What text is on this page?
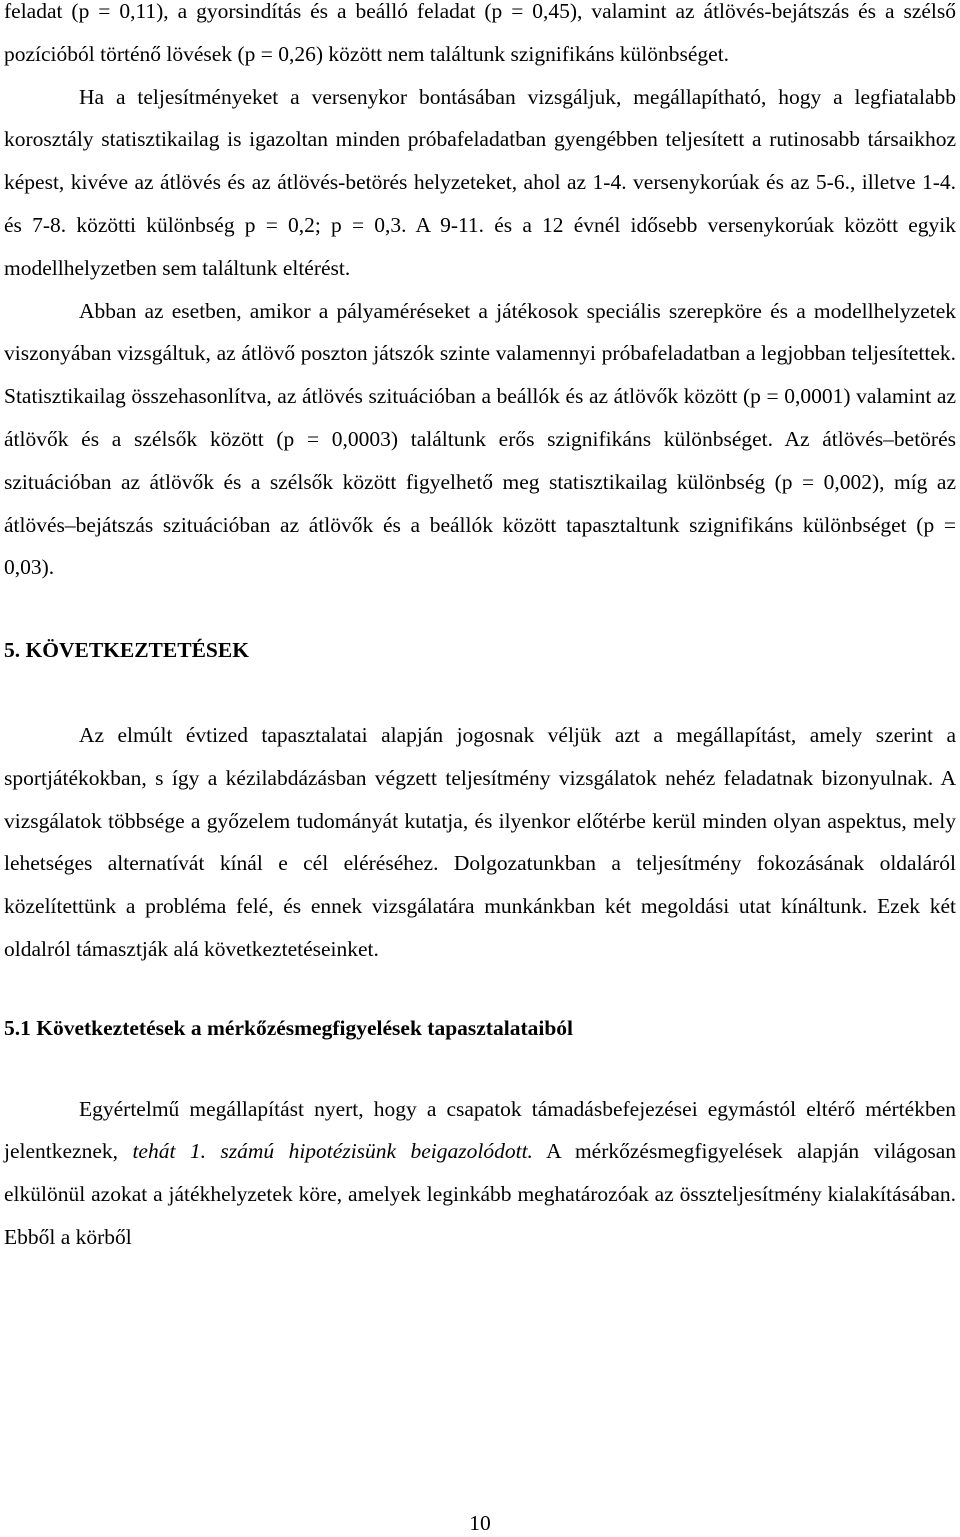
feladat (p = 0,11), a gyorsindítás és a beálló feladat (p = 0,45), valamint az átlövés-bejátszás és a szélső pozícióból történő lövések (p = 0,26) között nem találtunk szignifikáns különbséget.

Ha a teljesítményeket a versenykor bontásában vizsgáljuk, megállapítható, hogy a legfiatalabb korosztály statisztikailag is igazoltan minden próbafeladatban gyengébben teljesített a rutinosabb társaikhoz képest, kivéve az átlövés és az átlövés-betörés helyzeteket, ahol az 1-4. versenykorúak és az 5-6., illetve 1-4. és 7-8. közötti különbség p = 0,2; p = 0,3. A 9-11. és a 12 évnél idősebb versenykorúak között egyik modellhelyzetben sem találtunk eltérést.

Abban az esetben, amikor a pályaméréseket a játékosok speciális szerepköre és a modellhelyzetek viszonyában vizsgáltuk, az átlövő poszton játszók szinte valamennyi próbafeladatban a legjobban teljesítettek. Statisztikailag összehasonlítva, az átlövés szituációban a beállók és az átlövők között (p = 0,0001) valamint az átlövők és a szélsők között (p = 0,0003) találtunk erős szignifikáns különbséget. Az átlövés–betörés szituációban az átlövők és a szélsők között figyelhető meg statisztikailag különbség (p = 0,002), míg az átlövés–bejátszás szituációban az átlövők és a beállók között tapasztaltunk szignifikáns különbséget (p = 0,03).

5. KÖVETKEZTETÉSEK

Az elmúlt évtized tapasztalatai alapján jogosnak véljük azt a megállapítást, amely szerint a sportjátékokban, s így a kézilabdázásban végzett teljesítmény vizsgálatok nehéz feladatnak bizonyulnak. A vizsgálatok többsége a győzelem tudományát kutatja, és ilyenkor előtérbe kerül minden olyan aspektus, mely lehetséges alternatívát kínál e cél eléréséhez. Dolgozatunkban a teljesítmény fokozásának oldaláról közelítettünk a probléma felé, és ennek vizsgálatára munkánkban két megoldási utat kínáltunk. Ezek két oldalról támasztják alá következtetéseinket.

5.1 Következtetések a mérkőzésmegfigyelések tapasztalataiból

Egyértelmű megállapítást nyert, hogy a csapatok támadásbefejezései egymástól eltérő mértékben jelentkeznek, tehát 1. számú hipotézisünk beigazolódott. A mérkőzésmegfigyelések alapján világosan elkülönül azokat a játékhelyzetek köre, amelyek leginkább meghatározóak az összteljesítmény kialakításában. Ebből a körből

10
